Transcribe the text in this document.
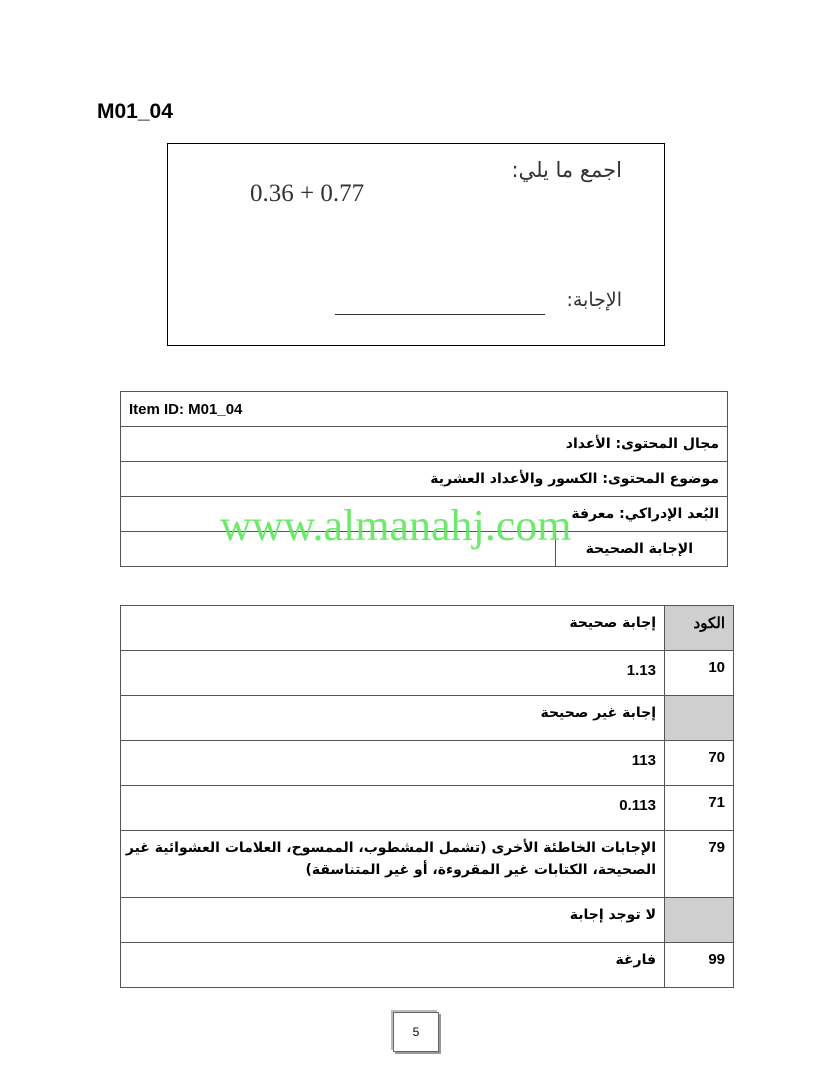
M01_04
اجمع ما يلي:
0.36 + 0.77
الإجابة:
Item ID: M01_04
مجال المحتوى: الأعداد
موضوع المحتوى: الكسور والأعداد العشرية
البُعد الإدراكي: معرفة
	الإجابة الصحيحة
إجابة صحيحة	الكود
1.13	10
إجابة غير صحيحة	
113	70
0.113	71
الإجابات الخاطئة الأخرى (تشمل المشطوب، الممسوح، العلامات العشوائية غير الصحيحة، الكتابات غير المقروءة، أو غير المتناسقة)	79
لا توجد إجابة	
فارغة	99
www.almanahj.com
5
